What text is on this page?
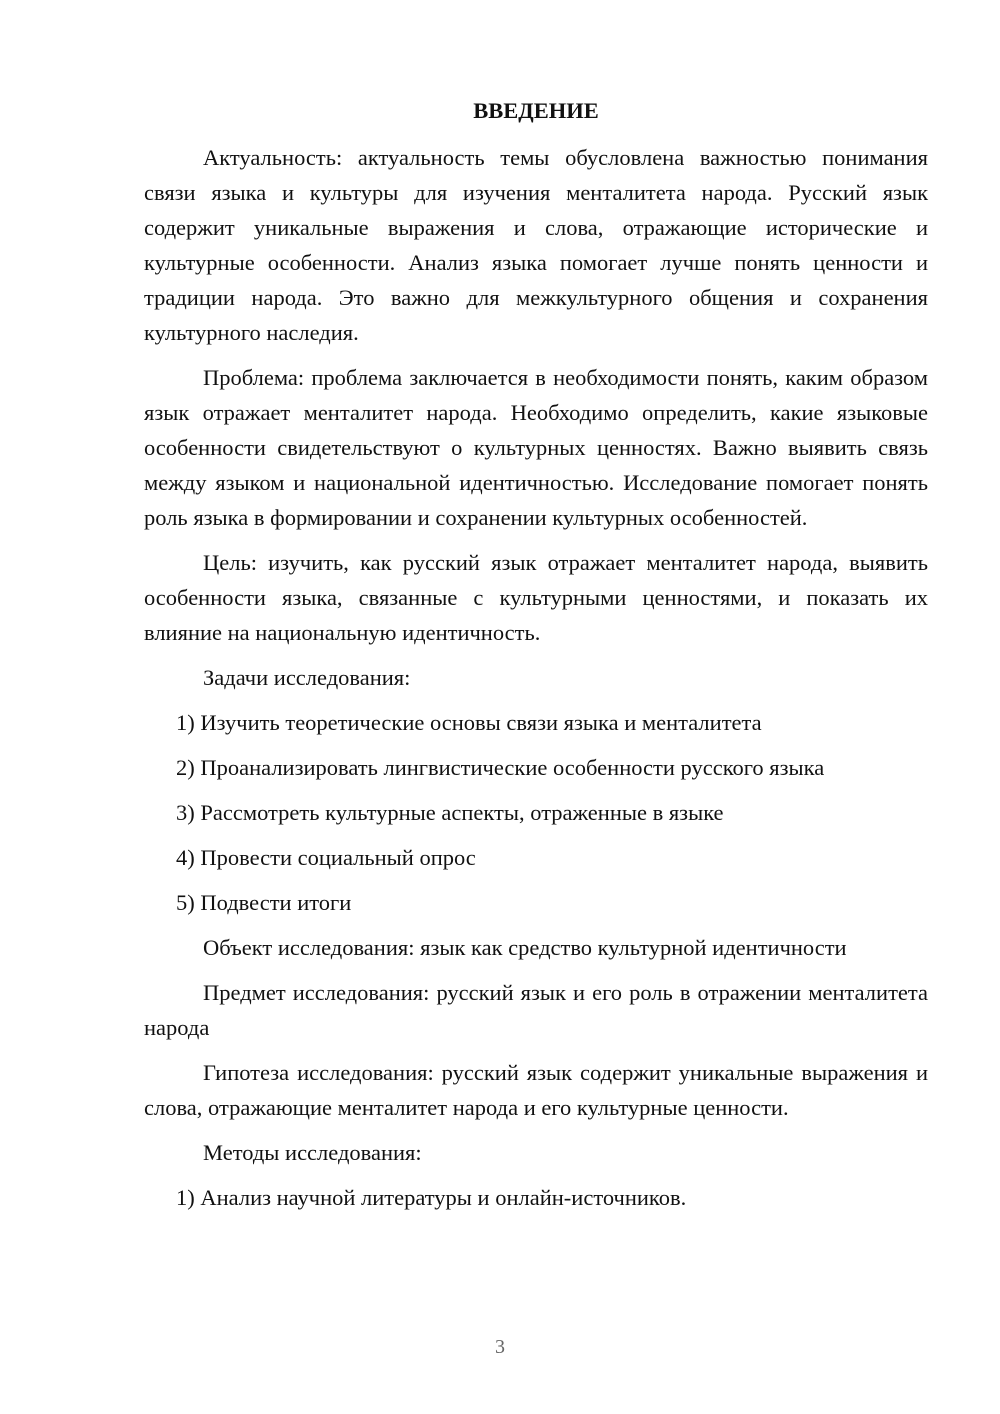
ВВЕДЕНИЕ

Актуальность: актуальность темы обусловлена важностью понимания связи языка и культуры для изучения менталитета народа. Русский язык содержит уникальные выражения и слова, отражающие исторические и культурные особенности. Анализ языка помогает лучше понять ценности и традиции народа. Это важно для межкультурного общения и сохранения культурного наследия.

Проблема: проблема заключается в необходимости понять, каким образом язык отражает менталитет народа. Необходимо определить, какие языковые особенности свидетельствуют о культурных ценностях. Важно выявить связь между языком и национальной идентичностью. Исследование помогает понять роль языка в формировании и сохранении культурных особенностей.

Цель: изучить, как русский язык отражает менталитет народа, выявить особенности языка, связанные с культурными ценностями, и показать их влияние на национальную идентичность.

Задачи исследования:

1) Изучить теоретические основы связи языка и менталитета

2) Проанализировать лингвистические особенности русского языка

3) Рассмотреть культурные аспекты, отраженные в языке

4) Провести социальный опрос

5) Подвести итоги

Объект исследования: язык как средство культурной идентичности

Предмет исследования: русский язык и его роль в отражении менталитета народа

Гипотеза исследования: русский язык содержит уникальные выражения и слова, отражающие менталитет народа и его культурные ценности.

Методы исследования:

1) Анализ научной литературы и онлайн-источников.

3
